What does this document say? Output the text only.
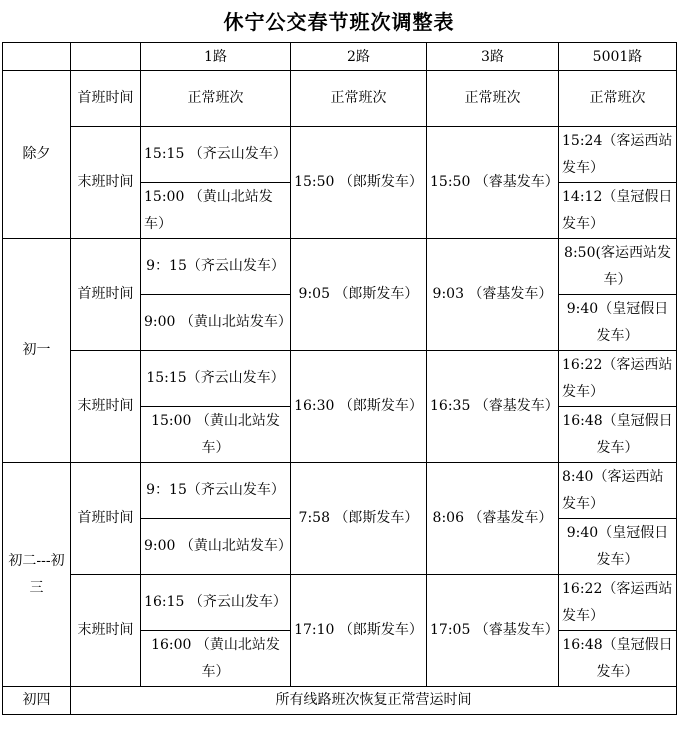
休宁公交春节班次调整表
		1路	2路	3路	5001路
除夕	首班时间	正常班次	正常班次	正常班次	正常班次
	末班时间	15:15 （齐云山发车）	15:50 （郎斯发车）	15:50 （睿基发车）	15:24（客运西站发车）
		15:00 （黄山北站发车）			14:12（皇冠假日发车）
初一	首班时间	9：15（齐云山发车）	9:05 （郎斯发车）	9:03 （睿基发车）	8:50(客运西站发车）
		9:00 （黄山北站发车）			9:40（皇冠假日发车）
	末班时间	15:15（齐云山发车）	16:30 （郎斯发车）	16:35 （睿基发车）	16:22（客运西站发车）
		15:00 （黄山北站发车）			16:48（皇冠假日发车）
初二---初三	首班时间	9：15（齐云山发车）	7:58 （郎斯发车）	8:06 （睿基发车）	8:40（客运西站发车）
		9:00 （黄山北站发车）			9:40（皇冠假日发车）
	末班时间	16:15 （齐云山发车）	17:10 （郎斯发车）	17:05 （睿基发车）	16:22（客运西站发车）
		16:00 （黄山北站发车）			16:48（皇冠假日发车）
初四	所有线路班次恢复正常营运时间				
